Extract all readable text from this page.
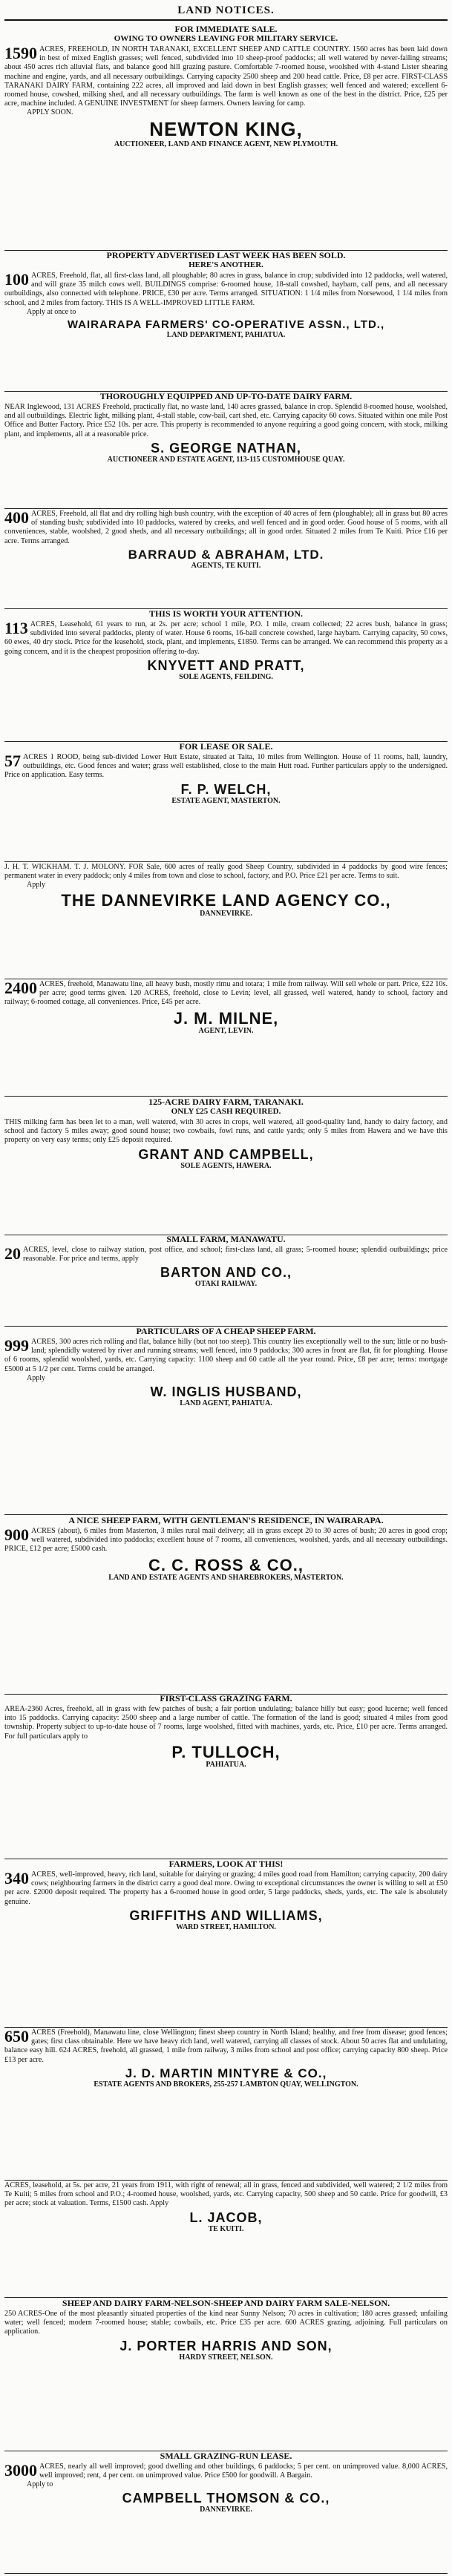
LAND NOTICES.
FOR IMMEDIATE SALE.
OWING TO OWNERS LEAVING FOR MILITARY SERVICE.
1590 ACRES, FREEHOLD, IN NORTH TARANAKI, EXCELLENT SHEEP AND CATTLE COUNTRY. 1560 acres has been laid down in best of mixed English grasses; well fenced, subdivided into 10 sheep-proof paddocks; all well watered by never-failing streams; about 450 acres rich alluvial flats, and balance good hill grazing pasture. Comfortable 7-roomed house, woolshed with 4-stand Lister shearing machine and engine, yards, and all necessary outbuildings. Carrying capacity 2500 sheep and 200 head cattle. Price, £8 per acre. FIRST-CLASS TARANAKI DAIRY FARM, containing 222 acres, all improved and laid down in best English grasses; well fenced and watered; excellent 6-roomed house, cowshed, milking shed, and all necessary outbuildings. The farm is well known as one of the best in the district. Price, £25 per acre, machine included. A GENUINE INVESTMENT for sheep farmers. Owners leaving for camp.
APPLY SOON.
NEWTON KING,
AUCTIONEER, LAND AND FINANCE AGENT, NEW PLYMOUTH.
PROPERTY ADVERTISED LAST WEEK HAS BEEN SOLD.
HERE'S ANOTHER.
100 ACRES, Freehold, flat, all first-class land, all ploughable; 80 acres in grass, balance in crop; subdivided into 12 paddocks, well watered, and will graze 35 milch cows well. BUILDINGS comprise: 6-roomed house, 18-stall cowshed, haybarn, calf pens, and all necessary outbuildings, also connected with telephone. PRICE, £30 per acre. Terms arranged. SITUATION: 1 1/4 miles from Norsewood, 1 1/4 miles from school, and 2 miles from factory. THIS IS A WELL-IMPROVED LITTLE FARM.
Apply at once to
WAIRARAPA FARMERS' CO-OPERATIVE ASSN., LTD.,
LAND DEPARTMENT, PAHIATUA.
THOROUGHLY EQUIPPED AND UP-TO-DATE DAIRY FARM.
NEAR Inglewood, 131 ACRES Freehold, practically flat, no waste land, 140 acres grassed, balance in crop. Splendid 8-roomed house, woolshed, and all outbuildings. Electric light, milking plant, 4-stall stable, cow-bail, cart shed, etc. Carrying capacity 60 cows. Situated within one mile Post Office and Butter Factory. Price £52 10s. per acre. This property is recommended to anyone requiring a good going concern, with stock, milking plant, and implements, all at a reasonable price.
S. GEORGE NATHAN,
AUCTIONEER AND ESTATE AGENT, 113-115 CUSTOMHOUSE QUAY.
400 ACRES, Freehold, all flat and dry rolling high bush country, with the exception of 40 acres of fern (ploughable); all in grass but 80 acres of standing bush; subdivided into 10 paddocks, watered by creeks, and well fenced and in good order. Good house of 5 rooms, with all conveniences, stable, woolshed, 2 good sheds, and all necessary outbuildings; all in good order. Situated 2 miles from Te Kuiti. Price £16 per acre. Terms arranged.
BARRAUD & ABRAHAM, LTD.
AGENTS, TE KUITI.
THIS IS WORTH YOUR ATTENTION.
113 ACRES, Leasehold, 61 years to run, at 2s. per acre; school 1 mile, P.O. 1 mile, cream collected; 22 acres bush, balance in grass; subdivided into several paddocks, plenty of water. House 6 rooms, 16-bail concrete cowshed, large haybarn. Carrying capacity, 50 cows, 60 ewes, 40 dry stock. Price for the leasehold, stock, plant, and implements, £1850. Terms can be arranged. We can recommend this property as a going concern, and it is the cheapest proposition offering to-day.
KNYVETT AND PRATT,
SOLE AGENTS, FEILDING.
FOR LEASE OR SALE.
57 ACRES 1 ROOD, being sub-divided Lower Hutt Estate, situated at Taita, 10 miles from Wellington. House of 11 rooms, hall, laundry, outbuildings, etc. Good fences and water; grass well established, close to the main Hutt road. Further particulars apply to the undersigned. Price on application. Easy terms.
F. P. WELCH,
ESTATE AGENT, MASTERTON.
J. H. T. WICKHAM. T. J. MOLONY. FOR Sale, 600 acres of really good Sheep Country, subdivided in 4 paddocks by good wire fences; permanent water in every paddock; only 4 miles from town and close to school, factory, and P.O. Price £21 per acre. Terms to suit.
Apply
THE DANNEVIRKE LAND AGENCY CO.,
DANNEVIRKE.
2400 ACRES, freehold, Manawatu line, all heavy bush, mostly rimu and totara; 1 mile from railway. Will sell whole or part. Price, £22 10s. per acre; good terms given. 120 ACRES, freehold, close to Levin; level, all grassed, well watered, handy to school, factory and railway; 6-roomed cottage, all conveniences. Price, £45 per acre.
J. M. MILNE,
AGENT, LEVIN.
125-ACRE DAIRY FARM, TARANAKI.
ONLY £25 CASH REQUIRED.
THIS milking farm has been let to a man, well watered, with 30 acres in crops, well watered, all good-quality land, handy to dairy factory, and school and factory 5 miles away; good sound house; two cowbails, fowl runs, and cattle yards; only 5 miles from Hawera and we have this property on very easy terms; only £25 deposit required.
GRANT AND CAMPBELL,
SOLE AGENTS, HAWERA.
SMALL FARM, MANAWATU.
20 ACRES, level, close to railway station, post office, and school; first-class land, all grass; 5-roomed house; splendid outbuildings; price reasonable. For price and terms, apply
BARTON AND CO.,
OTAKI RAILWAY.
PARTICULARS OF A CHEAP SHEEP FARM.
999 ACRES, 300 acres rich rolling and flat, balance hilly (but not too steep). This country lies exceptionally well to the sun; little or no bush-land; splendidly watered by river and running streams; well fenced, into 9 paddocks; 300 acres in front are flat, fit for ploughing. House of 6 rooms, splendid woolshed, yards, etc. Carrying capacity: 1100 sheep and 60 cattle all the year round. Price, £8 per acre; terms: mortgage £5000 at 5 1/2 per cent. Terms could be arranged.
Apply
W. INGLIS HUSBAND,
LAND AGENT, PAHIATUA.
A NICE SHEEP FARM, WITH GENTLEMAN'S RESIDENCE, IN WAIRARAPA.
900 ACRES (about), 6 miles from Masterton, 3 miles rural mail delivery; all in grass except 20 to 30 acres of bush; 20 acres in good crop; well watered, subdivided into paddocks; excellent house of 7 rooms, all conveniences, woolshed, yards, and all necessary outbuildings. PRICE, £12 per acre; £5000 cash.
C. C. ROSS & CO.,
LAND AND ESTATE AGENTS AND SHAREBROKERS, MASTERTON.
FIRST-CLASS GRAZING FARM.
AREA-2360 Acres, freehold, all in grass with few patches of bush; a fair portion undulating; balance hilly but easy; good lucerne; well fenced into 15 paddocks. Carrying capacity: 2500 sheep and a large number of cattle. The formation of the land is good; situated 4 miles from good township. Property subject to up-to-date house of 7 rooms, large woolshed, fitted with machines, yards, etc. Price, £10 per acre. Terms arranged. For full particulars apply to
P. TULLOCH,
PAHIATUA.
FARMERS, LOOK AT THIS!
340 ACRES, well-improved, heavy, rich land, suitable for dairying or grazing; 4 miles good road from Hamilton; carrying capacity, 200 dairy cows; neighbouring farmers in the district carry a good deal more. Owing to exceptional circumstances the owner is willing to sell at £50 per acre. £2000 deposit required. The property has a 6-roomed house in good order, 5 large paddocks, sheds, yards, etc. The sale is absolutely genuine.
GRIFFITHS AND WILLIAMS,
WARD STREET, HAMILTON.
650 ACRES (Freehold), Manawatu line, close Wellington; finest sheep country in North Island; healthy, and free from disease; good fences; gates; first class obtainable. Here we have heavy rich land, well watered, carrying all classes of stock. About 50 acres flat and undulating, balance easy hill. 624 ACRES, freehold, all grassed, 1 mile from railway, 3 miles from school and post office; carrying capacity 800 sheep. Price £13 per acre.
J. D. MARTIN MINTYRE & CO.,
ESTATE AGENTS AND BROKERS, 255-257 LAMBTON QUAY, WELLINGTON.
ACRES, leasehold, at 5s. per acre, 21 years from 1911, with right of renewal; all in grass, fenced and subdivided, well watered; 2 1/2 miles from Te Kuiti; 5 miles from school and P.O.; 4-roomed house, woolshed, yards, etc. Carrying capacity, 500 sheep and 50 cattle. Price for goodwill, £3 per acre; stock at valuation. Terms, £1500 cash. Apply
L. JACOB,
TE KUITI.
SHEEP AND DAIRY FARM-NELSON-SHEEP AND DAIRY FARM SALE-NELSON.
250 ACRES-One of the most pleasantly situated properties of the kind near Sunny Nelson; 70 acres in cultivation; 180 acres grassed; unfailing water; well fenced; modern 7-roomed house; stable; cowbails, etc. Price £35 per acre. 600 ACRES grazing, adjoining. Full particulars on application.
J. PORTER HARRIS AND SON,
HARDY STREET, NELSON.
SMALL GRAZING-RUN LEASE.
3000 ACRES, nearly all well improved; good dwelling and other buildings, 6 paddocks; 5 per cent. on unimproved value. 8,000 ACRES, well improved; rent, 4 per cent. on unimproved value. Price £500 for goodwill. A Bargain.
Apply to
CAMPBELL THOMSON & CO.,
DANNEVIRKE.
